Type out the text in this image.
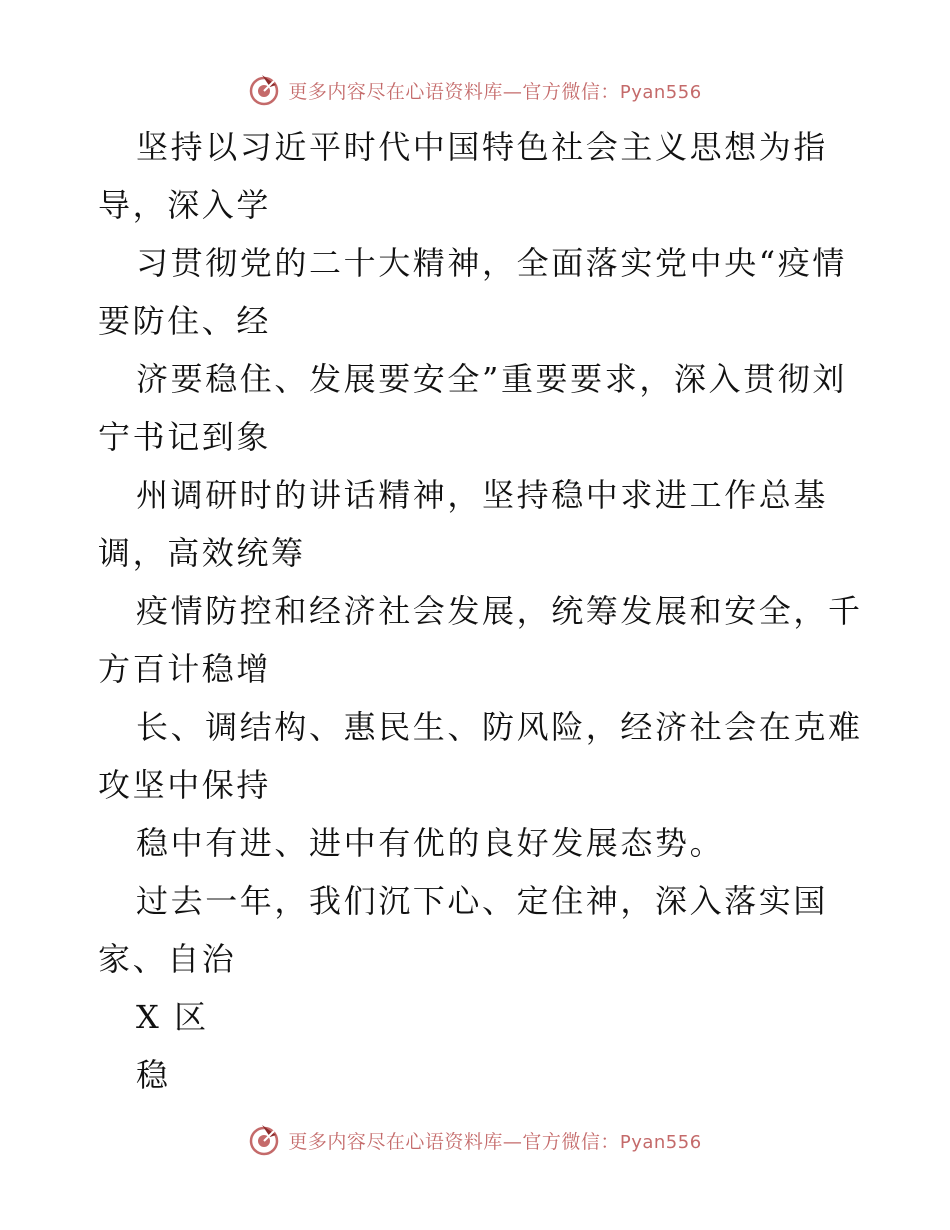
更多内容尽在心语资料库—官方微信：Pyan556
坚持以习近平时代中国特色社会主义思想为指
导，深入学
习贯彻党的二十大精神，全面落实党中央“疫情
要防住、经
济要稳住、发展要安全”重要要求，深入贯彻刘
宁书记到象
州调研时的讲话精神，坚持稳中求进工作总基
调，高效统筹
疫情防控和经济社会发展，统筹发展和安全，千
方百计稳增
长、调结构、惠民生、防风险，经济社会在克难
攻坚中保持
稳中有进、进中有优的良好发展态势。
过去一年，我们沉下心、定住神，深入落实国
家、自治
X 区
稳
更多内容尽在心语资料库—官方微信：Pyan556
